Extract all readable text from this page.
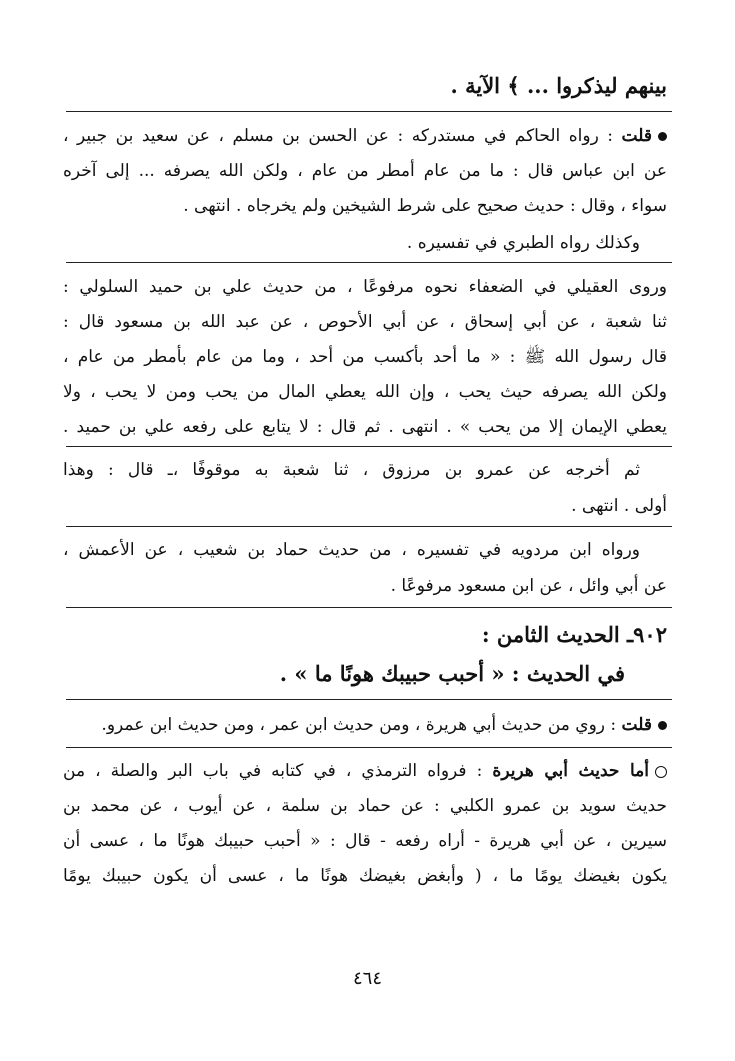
بينهم ليذكروا ... ﴾ الآية .
قلت : رواه الحاكم في مستدركه : عن الحسن بن مسلم ، عن سعيد بن جبير ،
عن ابن عباس قال : ما من عام أمطر من عام ، ولكن الله يصرفه ... إلى آخره
سواء ، وقال : حديث صحيح على شرط الشيخين ولم يخرجاه . انتهى .
وكذلك رواه الطبري في تفسيره .
وروى العقيلي في الضعفاء نحوه مرفوعًا ، من حديث علي بن حميد السلولي :
ثنا شعبة ، عن أبي إسحاق ، عن أبي الأحوص ، عن عبد الله بن مسعود قال :
قال رسول الله ﷺ : « ما أحد بأكسب من أحد ، وما من عام بأمطر من عام ،
ولكن الله يصرفه حيث يحب ، وإن الله يعطي المال من يحب ومن لا يحب ، ولا
يعطي الإيمان إلا من يحب » . انتهى . ثم قال : لا يتابع على رفعه علي بن حميد .
ثم أخرجه عن عمرو بن مرزوق ، ثنا شعبة به موقوفًا ،ـ قال : وهذا
أولى . انتهى .
ورواه ابن مردويه في تفسيره ، من حديث حماد بن شعيب ، عن الأعمش ،
عن أبي وائل ، عن ابن مسعود مرفوعًا .
٩٠٢ـ الحديث الثامن :
في الحديث : « أحبب حبيبك هونًا ما » .
قلت : روي من حديث أبي هريرة ، ومن حديث ابن عمر ، ومن حديث ابن عمرو.
أما حديث أبي هريرة : فرواه الترمذي ، في كتابه في باب البر والصلة ، من
حديث سويد بن عمرو الكلبي : عن حماد بن سلمة ، عن أيوب ، عن محمد بن
سيرين ، عن أبي هريرة - أراه رفعه - قال : « أحبب حبيبك هونًا ما ، عسى أن
يكون بغيضك يومًا ما ، ( وأبغض بغيضك هونًا ما ، عسى أن يكون حبيبك يومًا
٤٦٤
